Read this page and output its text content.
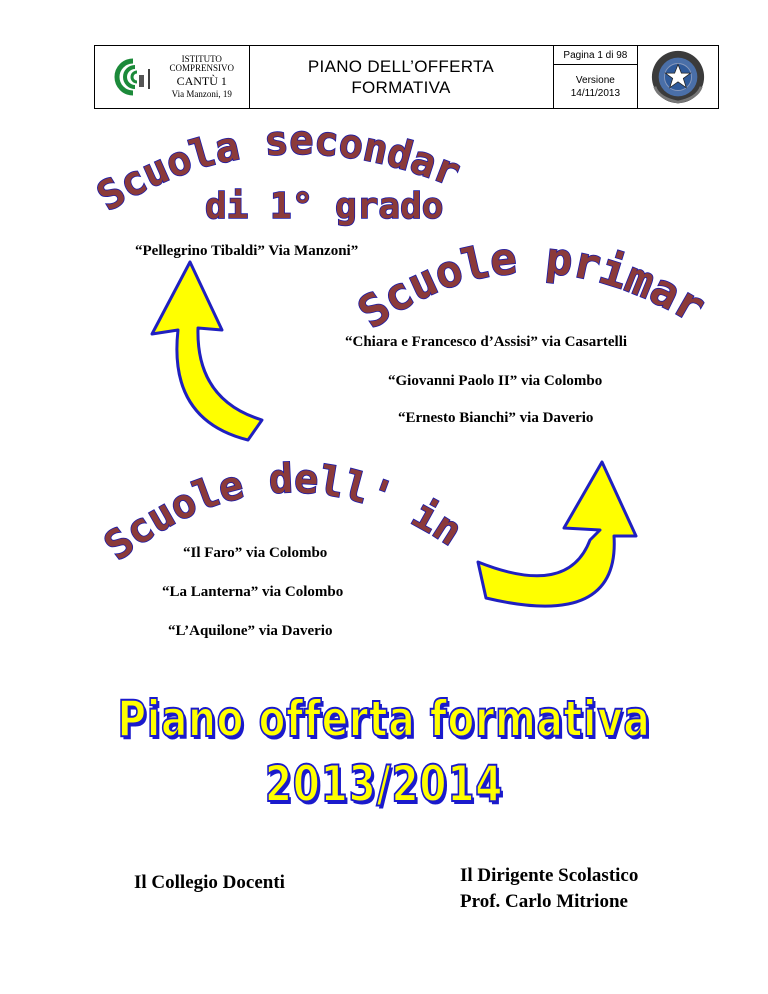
ISTITUTO
COMPRENSIVO
CANTÙ 1
Via Manzoni, 19
PIANO DELL’OFFERTA
FORMATIVA
Pagina 1 di 98
Versione
14/11/2013
Scuola secondar
di 1° grado
Scuole primar
Scuole dell' in
“Pellegrino Tibaldi” Via Manzoni”
“Chiara e Francesco d’Assisi” via Casartelli
“Giovanni Paolo II” via Colombo
“Ernesto Bianchi” via Daverio
“Il Faro” via Colombo
“La Lanterna” via Colombo
“L’Aquilone” via Daverio
Piano offerta formativa
2013/2014
Il Collegio Docenti	Il Dirigente Scolastico
Prof. Carlo Mitrione
